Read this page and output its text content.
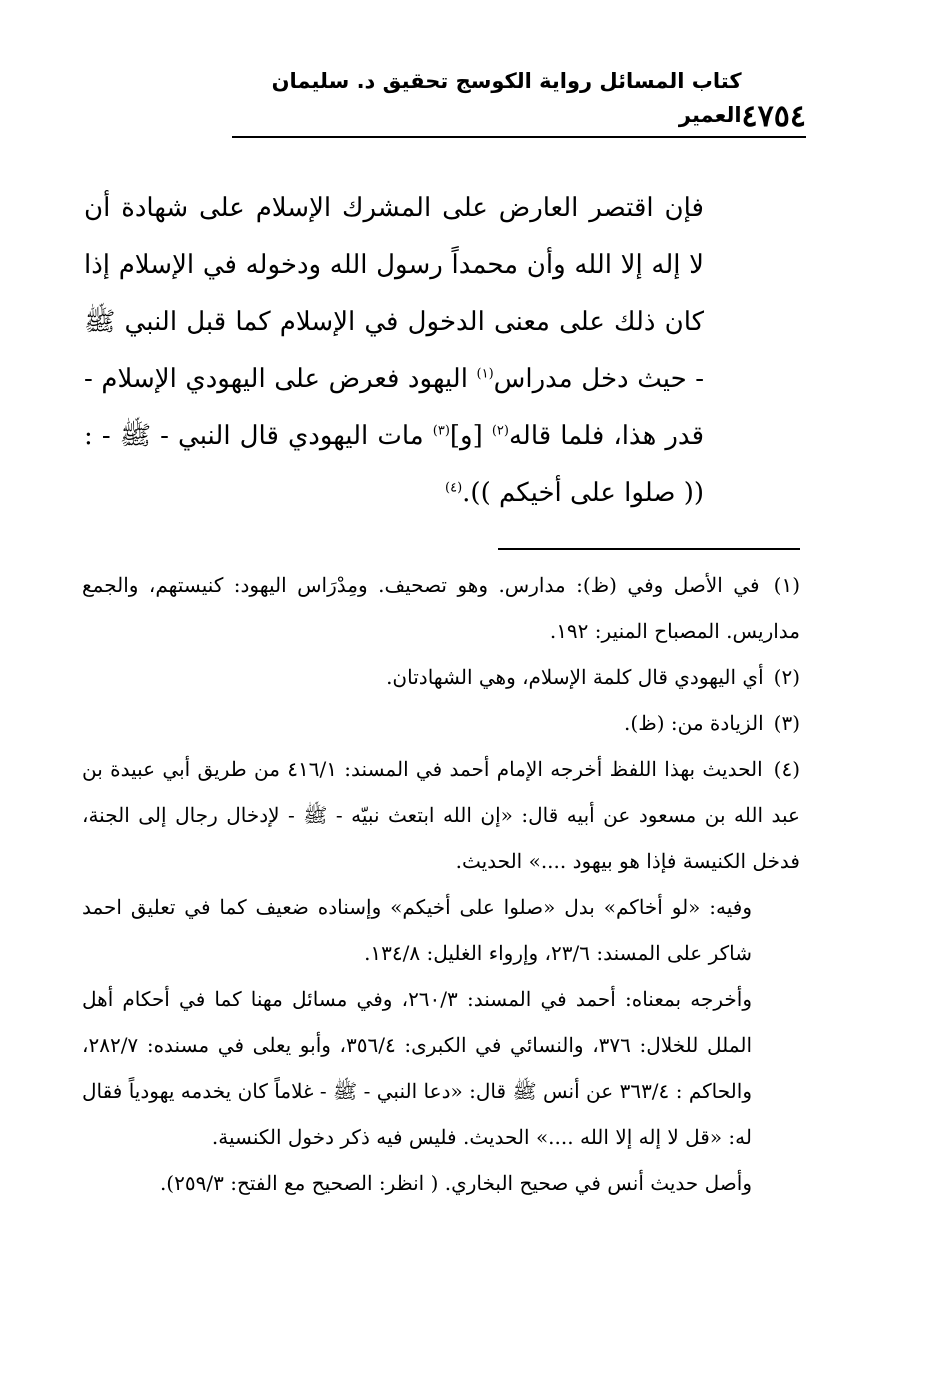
٤٧٥٤
كتاب المسائل رواية الكوسج تحقيق د. سليمان العمير

فإن اقتصر العارض على المشرك الإسلام على شهادة أن لا إله إلا الله وأن محمداً رسول الله ودخوله في الإسلام إذا كان ذلك على معنى الدخول في الإسلام كما قبل النبي ﷺ - حيث دخل مدراس$^{(١)}$ اليهود فعرض على اليهودي الإسلام - قدر هذا، فلما قاله$^{(٢)}$ [و]$^{(٣)}$ مات اليهودي قال النبي - ﷺ - : (( صلوا على أخيكم )).$^{(٤)}$

(١) في الأصل وفي (ظ): مدارس. وهو تصحيف. ومِدْرَاس اليهود: كنيستهم، والجمع مداريس. المصباح المنير: ١٩٢.

(٢) أي اليهودي قال كلمة الإسلام، وهي الشهادتان.

(٣) الزيادة من: (ظ).

(٤) الحديث بهذا اللفظ أخرجه الإمام أحمد في المسند: ٤١٦/١ من طريق أبي عبيدة بن عبد الله بن مسعود عن أبيه قال: «إن الله ابتعث نبيّه - ﷺ - لإدخال رجال إلى الجنة، فدخل الكنيسة فإذا هو بيهود ....» الحديث.

وفيه: «لو أخاكم» بدل «صلوا على أخيكم» وإسناده ضعيف كما في تعليق احمد شاكر على المسند: ٢٣/٦، وإرواء الغليل: ١٣٤/٨.

وأخرجه بمعناه: أحمد في المسند: ٢٦٠/٣، وفي مسائل مهنا كما في أحكام أهل الملل للخلال: ٣٧٦، والنسائي في الكبرى: ٣٥٦/٤، وأبو يعلى في مسنده: ٢٨٢/٧، والحاكم : ٣٦٣/٤ عن أنس ﷺ قال: «دعا النبي - ﷺ - غلاماً كان يخدمه يهودياً فقال له: «قل لا إله إلا الله ....» الحديث. فليس فيه ذكر دخول الكنسية.

وأصل حديث أنس في صحيح البخاري. ( انظر: الصحيح مع الفتح: ٢٥٩/٣).
